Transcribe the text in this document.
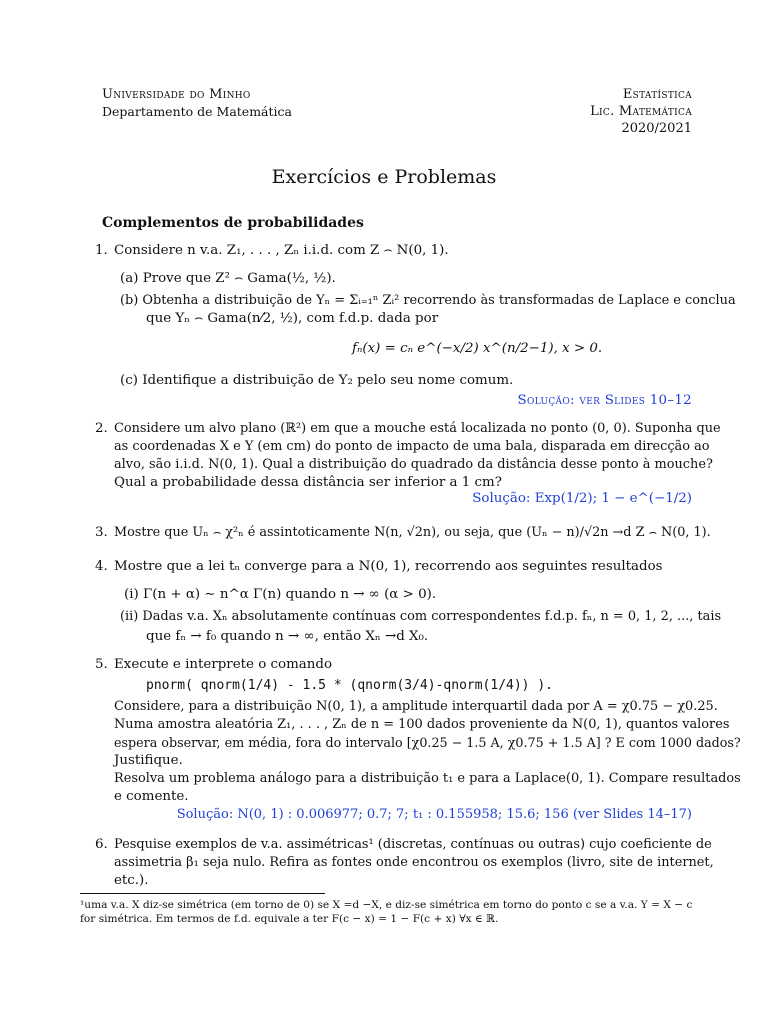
Universidade do Minho
Departamento de Matemática
Estatística
Lic. Matemática
2020/2021
Exercícios e Problemas
Complementos de probabilidades
1. Considere n v.a. Z₁, . . . , Zₙ i.i.d. com Z ⌢ N(0, 1).
(a) Prove que Z² ⌢ Gama(½, ½).
(b) Obtenha a distribuição de Yₙ = Σᵢ₌₁ⁿ Zᵢ² recorrendo às transformadas de Laplace e conclua
que Yₙ ⌢ Gama(n⁄2, ½), com f.d.p. dada por
fₙ(x) = cₙ e^(−x/2) x^(n/2−1), x > 0.
(c) Identifique a distribuição de Y₂ pelo seu nome comum.
Solução: ver Slides 10–12
2. Considere um alvo plano (ℝ²) em que a mouche está localizada no ponto (0, 0). Suponha que
as coordenadas X e Y (em cm) do ponto de impacto de uma bala, disparada em direcção ao
alvo, são i.i.d. N(0, 1). Qual a distribuição do quadrado da distância desse ponto à mouche?
Qual a probabilidade dessa distância ser inferior a 1 cm?
Solução: Exp(1/2); 1 − e^(−1/2)
3. Mostre que Uₙ ⌢ χ²ₙ é assintoticamente N(n, √2n), ou seja, que (Uₙ − n)/√2n →d Z ⌢ N(0, 1).
4. Mostre que a lei tₙ converge para a N(0, 1), recorrendo aos seguintes resultados
(i) Γ(n + α) ∼ n^α Γ(n) quando n → ∞ (α > 0).
(ii) Dadas v.a. Xₙ absolutamente contínuas com correspondentes f.d.p. fₙ, n = 0, 1, 2, ..., tais
que fₙ → f₀ quando n → ∞, então Xₙ →d X₀.
5. Execute e interprete o comando
pnorm( qnorm(1/4) - 1.5 * (qnorm(3/4)-qnorm(1/4)) ).
Considere, para a distribuição N(0, 1), a amplitude interquartil dada por A = χ0.75 − χ0.25.
Numa amostra aleatória Z₁, . . . , Zₙ de n = 100 dados proveniente da N(0, 1), quantos valores
espera observar, em média, fora do intervalo [χ0.25 − 1.5 A, χ0.75 + 1.5 A] ? E com 1000 dados?
Justifique.
Resolva um problema análogo para a distribuição t₁ e para a Laplace(0, 1). Compare resultados
e comente.
Solução: N(0, 1) : 0.006977; 0.7; 7; t₁ : 0.155958; 15.6; 156 (ver Slides 14–17)
6. Pesquise exemplos de v.a. assimétricas¹ (discretas, contínuas ou outras) cujo coeficiente de
assimetria β₁ seja nulo. Refira as fontes onde encontrou os exemplos (livro, site de internet,
etc.).
¹uma v.a. X diz-se simétrica (em torno de 0) se X =d −X, e diz-se simétrica em torno do ponto c se a v.a. Y = X − c
for simétrica. Em termos de f.d. equivale a ter F(c − x) = 1 − F(c + x) ∀x ∈ ℝ.
